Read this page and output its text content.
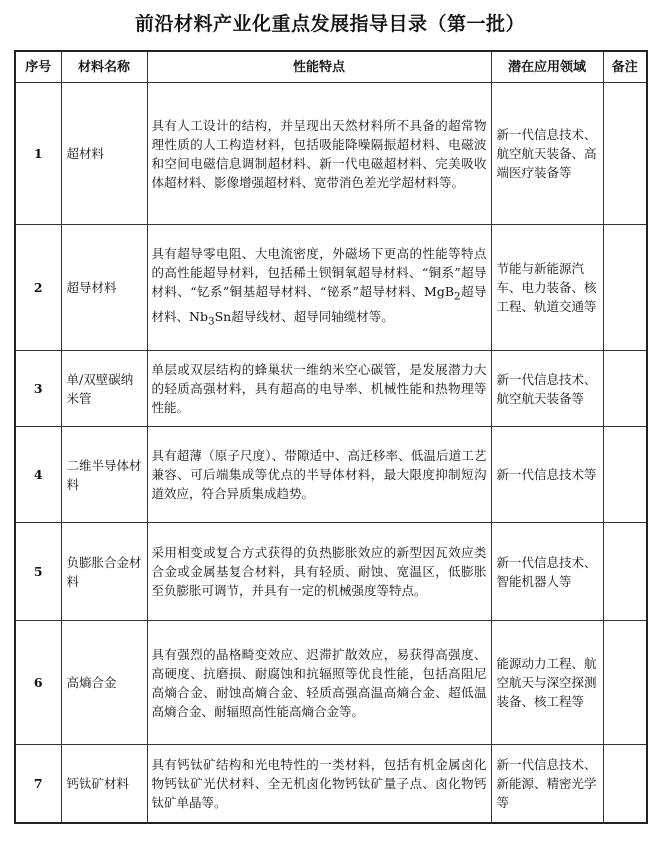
前沿材料产业化重点发展指导目录（第一批）
序号	材料名称	性能特点	潜在应用领域	备注
1	超材料	具有人工设计的结构，并呈现出天然材料所不具备的超常物理性质的人工构造材料，包括吸能降噪隔振超材料、电磁波和空间电磁信息调制超材料、新一代电磁超材料、完美吸收体超材料、影像增强超材料、宽带消色差光学超材料等。	新一代信息技术、航空航天装备、高端医疗装备等	
2	超导材料	具有超导零电阻、大电流密度，外磁场下更高的性能等特点的高性能超导材料，包括稀土钡铜氧超导材料、“铜系”超导材料、“钇系”铜基超导材料、“铋系”超导材料、MgB$_2$超导材料、$Nb_3Sn$超导线材、超导同轴缆材等。	节能与新能源汽车、电力装备、核工程、轨道交通等	
3	单/双壁碳纳米管	单层或双层结构的蜂巢状一维纳米空心碳管，是发展潜力大的轻质高强材料，具有超高的电导率、机械性能和热物理等性能。	新一代信息技术、航空航天装备等	
4	二维半导体材料	具有超薄（原子尺度）、带隙适中、高迁移率、低温后道工艺兼容、可后端集成等优点的半导体材料，最大限度抑制短沟道效应，符合异质集成趋势。	新一代信息技术等	
5	负膨胀合金材料	采用相变或复合方式获得的负热膨胀效应的新型因瓦效应类合金或金属基复合材料，具有轻质、耐蚀、宽温区，低膨胀至负膨胀可调节，并具有一定的机械强度等特点。	新一代信息技术、智能机器人等	
6	高熵合金	具有强烈的晶格畸变效应、迟滞扩散效应，易获得高强度、高硬度、抗磨损、耐腐蚀和抗辐照等优良性能，包括高阻尼高熵合金、耐蚀高熵合金、轻质高强高温高熵合金、超低温高熵合金、耐辐照高性能高熵合金等。	能源动力工程、航空航天与深空探测装备、核工程等	
7	钙钛矿材料	具有钙钛矿结构和光电特性的一类材料，包括有机金属卤化物钙钛矿光伏材料、全无机卤化物钙钛矿量子点、卤化物钙钛矿单晶等。	新一代信息技术、新能源、精密光学等	
